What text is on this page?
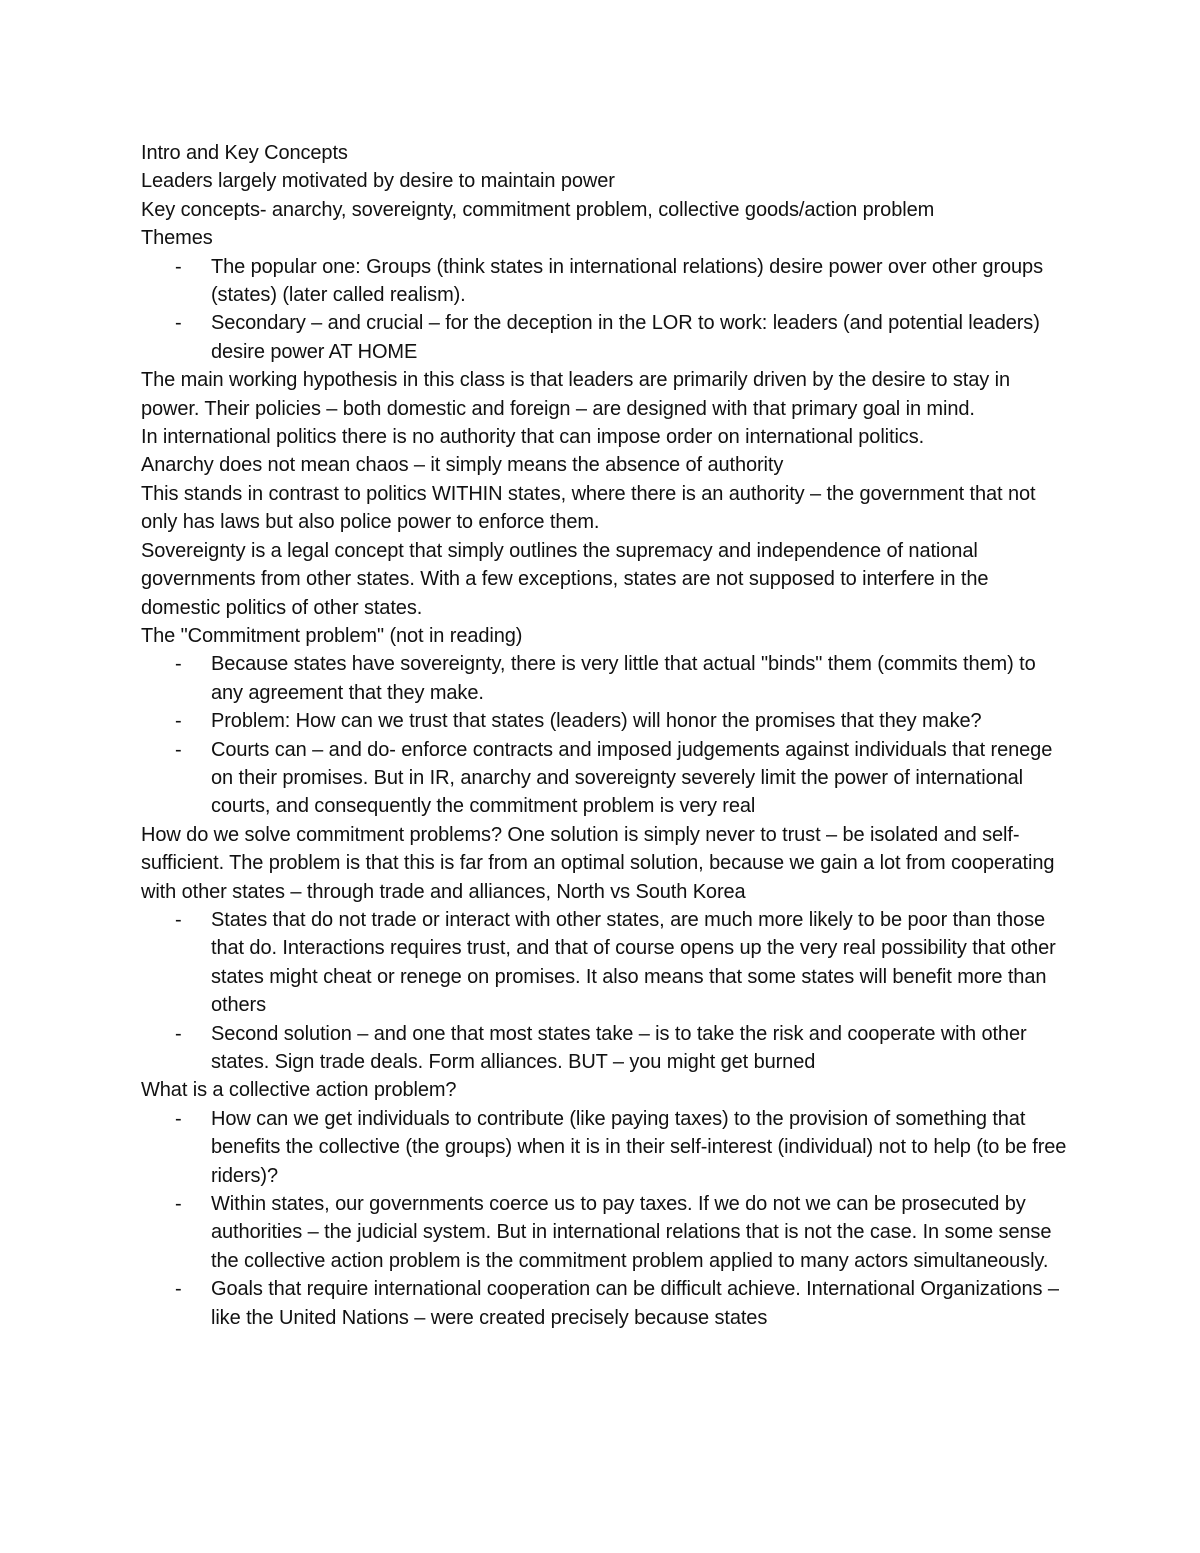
Intro and Key Concepts

Leaders largely motivated by desire to maintain power

Key concepts- anarchy, sovereignty, commitment problem, collective goods/action problem

Themes

- The popular one: Groups (think states in international relations) desire power over other groups (states) (later called realism).
- Secondary – and crucial – for the deception in the LOR to work: leaders (and potential leaders) desire power AT HOME

The main working hypothesis in this class is that leaders are primarily driven by the desire to stay in power. Their policies – both domestic and foreign – are designed with that primary goal in mind.

In international politics there is no authority that can impose order on international politics.

Anarchy does not mean chaos – it simply means the absence of authority

This stands in contrast to politics WITHIN states, where there is an authority – the government that not only has laws but also police power to enforce them.

Sovereignty is a legal concept that simply outlines the supremacy and independence of national governments from other states. With a few exceptions, states are not supposed to interfere in the domestic politics of other states.

The "Commitment problem" (not in reading)

- Because states have sovereignty, there is very little that actual "binds" them (commits them) to any agreement that they make.
- Problem: How can we trust that states (leaders) will honor the promises that they make?
- Courts can – and do- enforce contracts and imposed judgements against individuals that renege on their promises. But in IR, anarchy and sovereignty severely limit the power of international courts, and consequently the commitment problem is very real

How do we solve commitment problems? One solution is simply never to trust – be isolated and self-sufficient. The problem is that this is far from an optimal solution, because we gain a lot from cooperating with other states – through trade and alliances, North vs South Korea

- States that do not trade or interact with other states, are much more likely to be poor than those that do. Interactions requires trust, and that of course opens up the very real possibility that other states might cheat or renege on promises. It also means that some states will benefit more than others
- Second solution – and one that most states take – is to take the risk and cooperate with other states. Sign trade deals. Form alliances. BUT – you might get burned

What is a collective action problem?

- How can we get individuals to contribute (like paying taxes) to the provision of something that benefits the collective (the groups) when it is in their self-interest (individual) not to help (to be free riders)?
- Within states, our governments coerce us to pay taxes. If we do not we can be prosecuted by authorities – the judicial system. But in international relations that is not the case. In some sense the collective action problem is the commitment problem applied to many actors simultaneously.
- Goals that require international cooperation can be difficult achieve. International Organizations – like the United Nations – were created precisely because states
